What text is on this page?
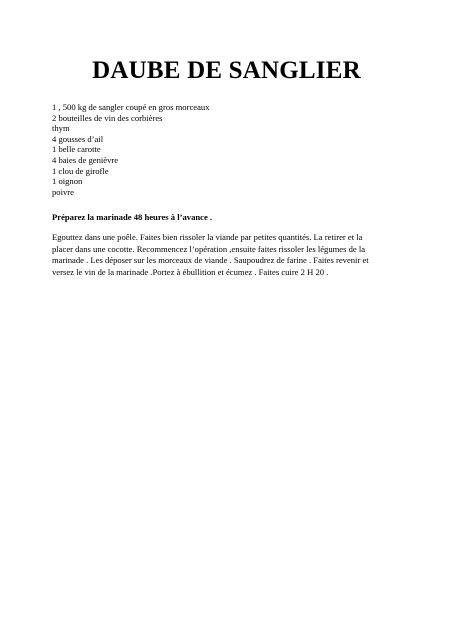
DAUBE DE SANGLIER
1 , 500 kg de sangler coupé en gros morceaux
2 bouteilles de vin des corbières
thym
4 gousses d’ail
1 belle carotte
4 baies de genièvre
1 clou de girofle
1 oignon
poivre

Préparez la marinade 48 heures à l’avance .

Egouttez dans une poêle. Faites bien rissoler la viande par petites quantités. La retirer et la
placer dans une cocotte. Recommencez l’opération ,ensuite faites rissoler les légumes de la
marinade . Les déposer sur les morceaux de viande . Saupoudrez de farine . Faites revenir et
versez le vin de la marinade .Portez à ébullition et écumez . Faites cuire 2 H 20 .
